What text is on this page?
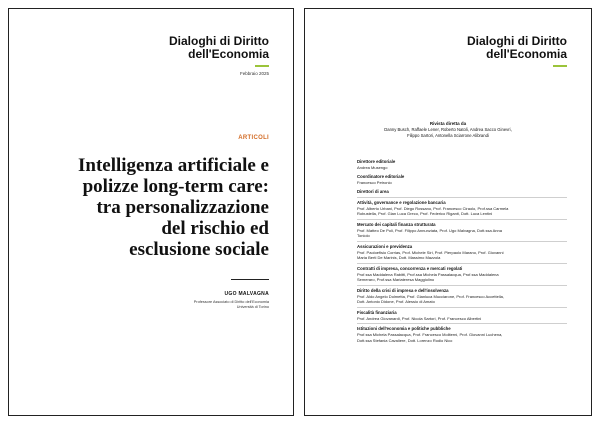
Dialoghi di Diritto
dell'Economia
Febbraio 2025
ARTICOLI
Intelligenza artificiale e
polizze long-term care:
tra personalizzazione
del rischio ed
esclusione sociale
UGO MALVAGNA
Professore Associato di Diritto dell'Economia
Università di Torino
Dialoghi di Diritto
dell'Economia
Rivista diretta da
Danny Busch, Raffaele Lener, Roberto Natoli, Andrea Sacco Ginevri,
Filippo Sartori, Antonella Sciarrone Alibrandi
Direttore editoriale
Andrea Musengo
Coordinatore editoriale
Francesco Petronio
Direttori di area
Attività, governance e regolazione bancaria
Prof. Alberto Urbani, Prof. Diego Rossano, Prof. Francesco Ciraolo, Prof.ssa Carmela
Robustella, Prof. Gian Luca Greco, Prof. Federico Riganti, Dott. Luca Lentini
Mercato dei capitali finanza strutturata
Prof. Matteo De Poli, Prof. Filippo Annunziata, Prof. Ugo Malvagna, Dott.ssa Anna
Toniolo
Assicurazioni e previdenza
Prof. Paoloefisio Corrias, Prof. Michele Siri, Prof. Pierpaolo Marano, Prof. Giovanni
Maria Berti De Marinis, Dott. Massimo Mazzola
Contratti di impresa, concorrenza e mercati regolati
Prof.ssa Maddalena Rabitti, Prof.ssa Michela Passalacqua, Prof.ssa Maddalena
Semeraro, Prof.ssa Mariateresa Maggiolino
Diritto della crisi di impresa e dell'insolvenza
Prof. Aldo Angelo Dolmetta, Prof. Gianluca Mucciarone, Prof. Francesco Accettella,
Dott. Antonio Didone, Prof. Alessio di Amato
Fiscalità finanziaria
Prof. Andrea Giovanardi, Prof. Nicola Sartori, Prof. Francesco Albertini
Istituzioni dell'economia e politiche pubbliche
Prof.ssa Michela Passalacqua, Prof. Francesco Moliterni, Prof. Giovanni Luchena,
Dott.ssa Stefania Cavaliere, Dott. Lorenzo Rodio Nico
